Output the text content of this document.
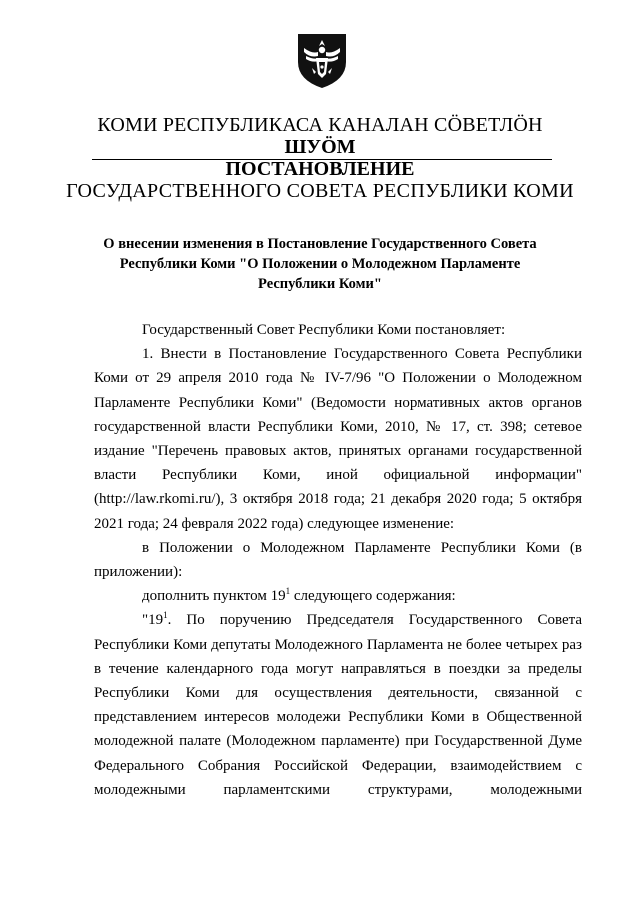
КОМИ РЕСПУБЛИКАСА КАНАЛАН СӦВЕТЛӦН
ШУӦМ
ПОСТАНОВЛЕНИЕ
ГОСУДАРСТВЕННОГО СОВЕТА РЕСПУБЛИКИ КОМИ
О внесении изменения в Постановление Государственного Совета
Республики Коми "О Положении о Молодежном Парламенте
Республики Коми"

Государственный Совет Республики Коми постановляет:

1. Внести в Постановление Государственного Совета Республики Коми от 29 апреля 2010 года № IV-7/96 "О Положении о Молодежном Парламенте Республики Коми" (Ведомости нормативных актов органов государственной власти Республики Коми, 2010, № 17, ст. 398; сетевое издание "Перечень правовых актов, принятых органами государственной власти Республики Коми, иной официальной информации" (http://law.rkomi.ru/), 3 октября 2018 года; 21 декабря 2020 года; 5 октября 2021 года; 24 февраля 2022 года) следующее изменение:

в Положении о Молодежном Парламенте Республики Коми (в приложении):

дополнить пунктом $19^1$ следующего содержания:

"$19^1$. По поручению Председателя Государственного Совета Республики Коми депутаты Молодежного Парламента не более четырех раз в течение календарного года могут направляться в поездки за пределы Республики Коми для осуществления деятельности, связанной с представлением интересов молодежи Республики Коми в Общественной молодежной палате (Молодежном парламенте) при Государственной Думе Федерального Собрания Российской Федерации, взаимодействием с молодежными парламентскими структурами, молодежными
